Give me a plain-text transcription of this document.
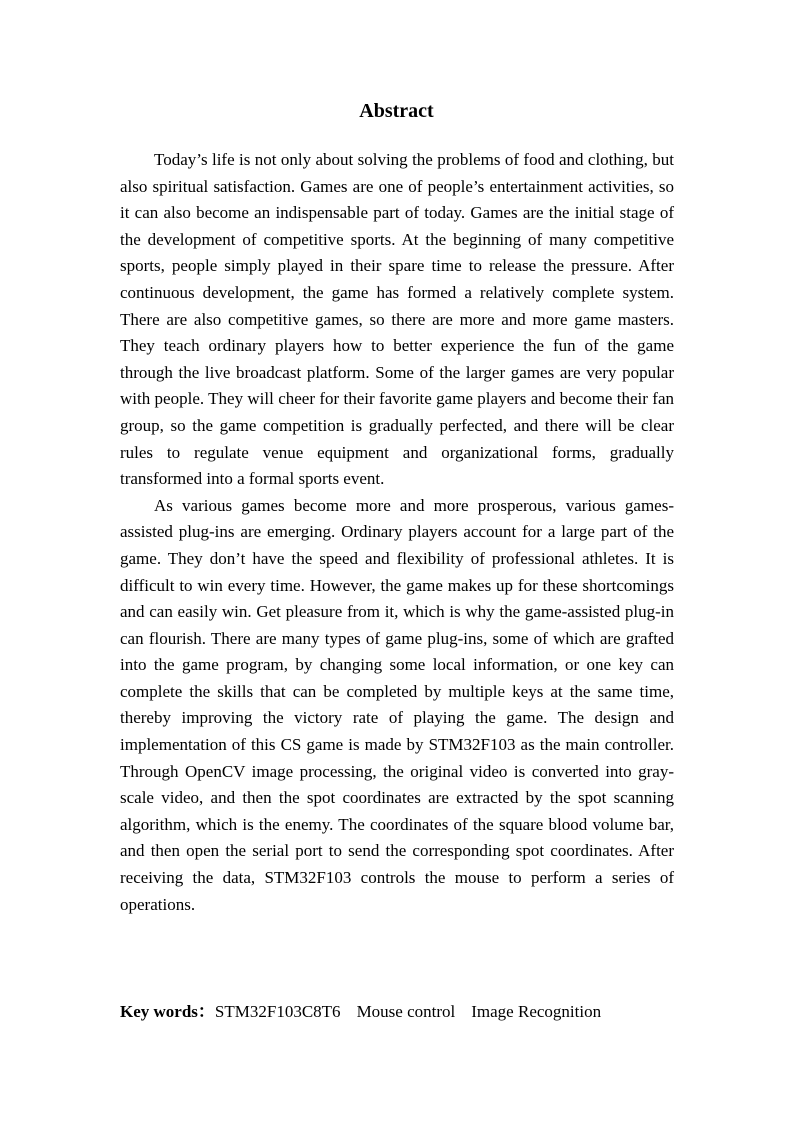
Abstract

Today’s life is not only about solving the problems of food and clothing, but also spiritual satisfaction. Games are one of people’s entertainment activities, so it can also become an indispensable part of today. Games are the initial stage of the development of competitive sports. At the beginning of many competitive sports, people simply played in their spare time to release the pressure. After continuous development, the game has formed a relatively complete system. There are also competitive games, so there are more and more game masters. They teach ordinary players how to better experience the fun of the game through the live broadcast platform. Some of the larger games are very popular with people. They will cheer for their favorite game players and become their fan group, so the game competition is gradually perfected, and there will be clear rules to regulate venue equipment and organizational forms, gradually transformed into a formal sports event.

As various games become more and more prosperous, various games-assisted plug-ins are emerging. Ordinary players account for a large part of the game. They don’t have the speed and flexibility of professional athletes. It is difficult to win every time. However, the game makes up for these shortcomings and can easily win. Get pleasure from it, which is why the game-assisted plug-in can flourish. There are many types of game plug-ins, some of which are grafted into the game program, by changing some local information, or one key can complete the skills that can be completed by multiple keys at the same time, thereby improving the victory rate of playing the game. The design and implementation of this CS game is made by STM32F103 as the main controller. Through OpenCV image processing, the original video is converted into gray-scale video, and then the spot coordinates are extracted by the spot scanning algorithm, which is the enemy. The coordinates of the square blood volume bar, and then open the serial port to send the corresponding spot coordinates. After receiving the data, STM32F103 controls the mouse to perform a series of operations.

Key words：STM32F103C8T6 Mouse control Image Recognition
